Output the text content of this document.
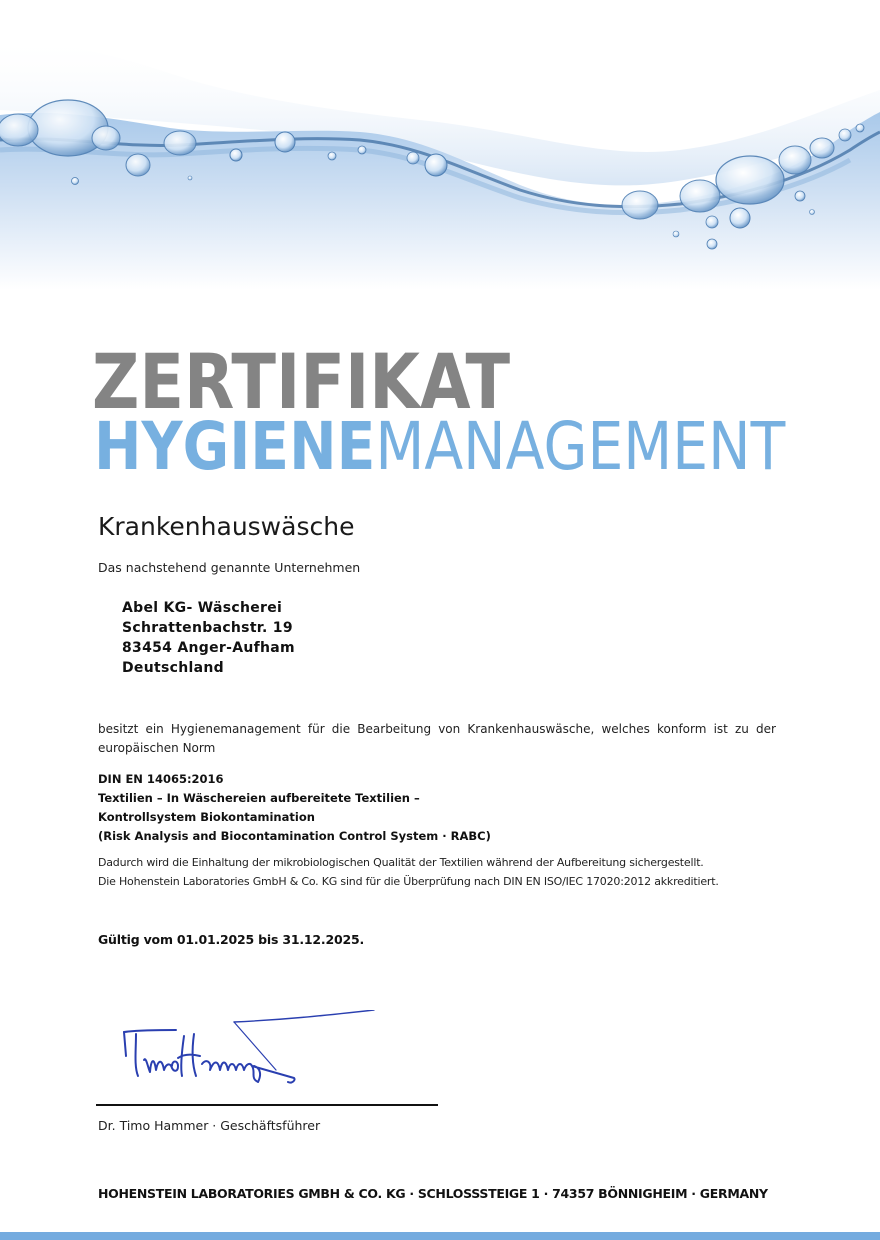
ZERTIFIKAT
HYGIENEMANAGEMENT
Krankenhauswäsche
Das nachstehend genannte Unternehmen
Abel KG- Wäscherei
Schrattenbachstr. 19
83454 Anger-Aufham
Deutschland
besitzt ein Hygienemanagement für die Bearbeitung von Krankenhauswäsche, welches konform ist zu der europäischen Norm
DIN EN 14065:2016
Textilien – In Wäschereien aufbereitete Textilien –
Kontrollsystem Biokontamination
(Risk Analysis and Biocontamination Control System · RABC)
Dadurch wird die Einhaltung der mikrobiologischen Qualität der Textilien während der Aufbereitung sichergestellt.
Die Hohenstein Laboratories GmbH & Co. KG sind für die Überprüfung nach DIN EN ISO/IEC 17020:2012 akkreditiert.
Gültig vom 01.01.2025 bis 31.12.2025.
Dr. Timo Hammer · Geschäftsführer
HOHENSTEIN LABORATORIES GMBH & CO. KG · SCHLOSSSTEIGE 1 · 74357 BÖNNIGHEIM · GERMANY
